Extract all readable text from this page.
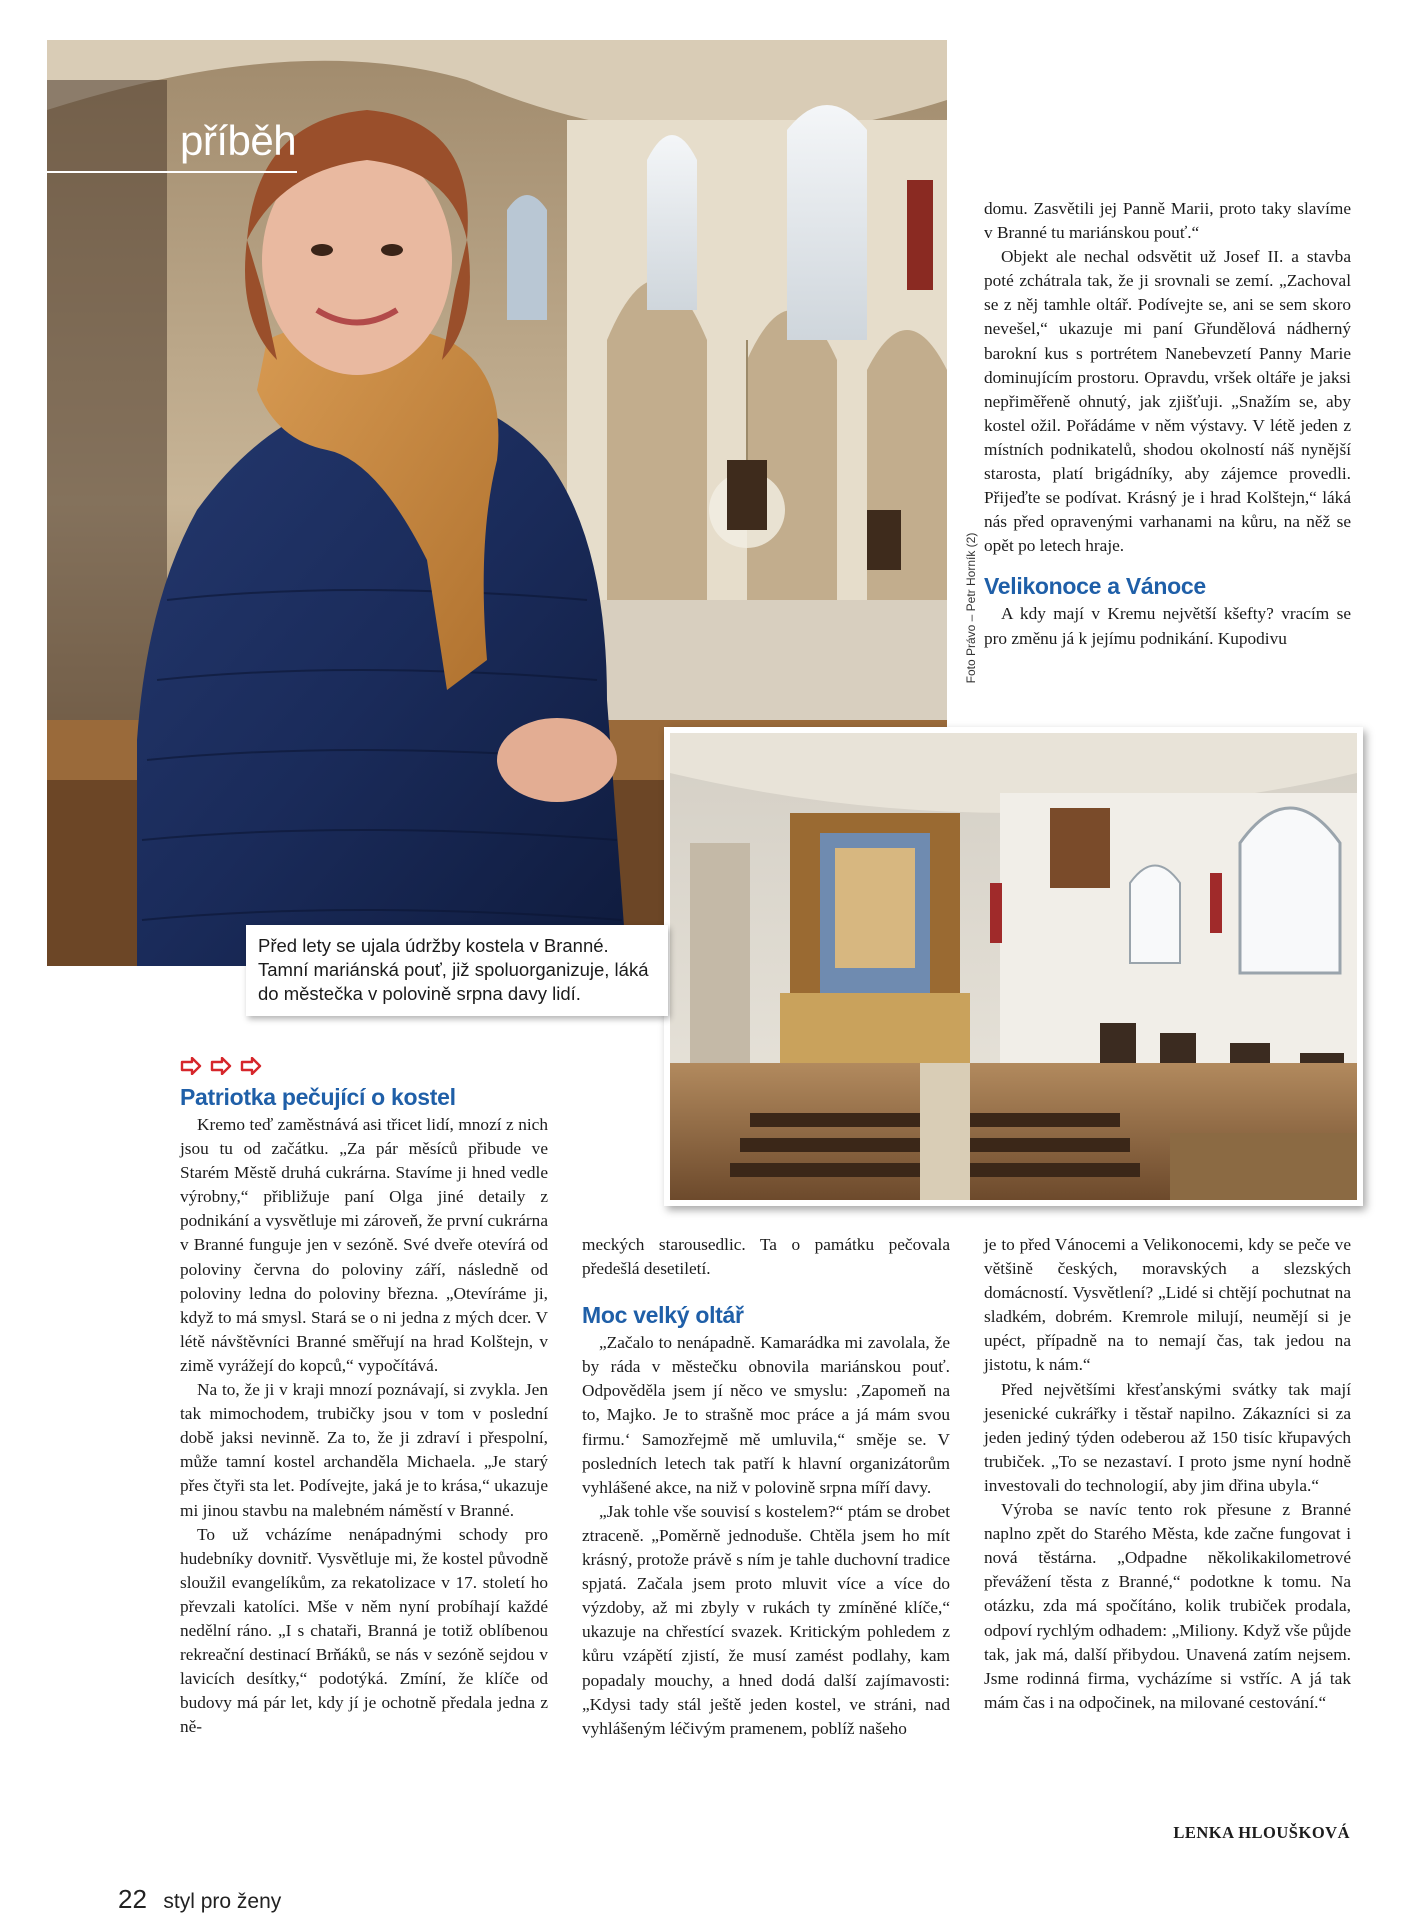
příběh
Foto Právo – Petr Horník (2)
Před lety se ujala údržby kostela v Branné. Tamní mariánská pouť, již spoluorganizuje, láká do městečka v polovině srpna davy lidí.
Patriotka pečující o kostel

Kremo teď zaměstnává asi třicet lidí, mnozí z nich jsou tu od začátku. „Za pár měsíců přibude ve Starém Městě druhá cukrárna. Stavíme ji hned vedle výrobny,“ přibližuje paní Olga jiné detaily z podnikání a vysvětluje mi zároveň, že první cukrárna v Branné funguje jen v sezóně. Své dveře otevírá od poloviny června do poloviny září, následně od poloviny ledna do poloviny března. „Otevíráme ji, když to má smysl. Stará se o ni jedna z mých dcer. V létě návštěvníci Branné směřují na hrad Kolštejn, v zimě vyrážejí do kopců,“ vypočítává.

Na to, že ji v kraji mnozí poznávají, si zvykla. Jen tak mimochodem, trubičky jsou v tom v poslední době jaksi nevinně. Za to, že ji zdraví i přespolní, může tamní kostel archanděla Michaela. „Je starý přes čtyři sta let. Podívejte, jaká je to krása,“ ukazuje mi jinou stavbu na malebném náměstí v Branné.

To už vcházíme nenápadnými schody pro hudebníky dovnitř. Vysvětluje mi, že kostel původně sloužil evangelíkům, za rekatolizace v 17. století ho převzali katolíci. Mše v něm nyní probíhají každé nedělní ráno. „I s chataři, Branná je totiž oblíbenou rekreační destinací Brňáků, se nás v sezóně sejdou v lavicích desítky,“ podotýká. Zmíní, že klíče od budovy má pár let, kdy jí je ochotně předala jedna z ně-

meckých starousedlic. Ta o památku pečovala předešlá desetiletí.

Moc velký oltář

„Začalo to nenápadně. Kamarádka mi zavolala, že by ráda v městečku obnovila mariánskou pouť. Odpověděla jsem jí něco ve smyslu: ‚Zapomeň na to, Majko. Je to strašně moc práce a já mám svou firmu.‘ Samozřejmě mě umluvila,“ směje se. V posledních letech tak patří k hlavní organizátorům vyhlášené akce, na niž v polovině srpna míří davy.

„Jak tohle vše souvisí s kostelem?“ ptám se drobet ztraceně. „Poměrně jednoduše. Chtěla jsem ho mít krásný, protože právě s ním je tahle duchovní tradice spjatá. Začala jsem proto mluvit více a více do výzdoby, až mi zbyly v rukách ty zmíněné klíče,“ ukazuje na chřestící svazek. Kritickým pohledem z kůru vzápětí zjistí, že musí zamést podlahy, kam popadaly mouchy, a hned dodá další zajímavosti: „Kdysi tady stál ještě jeden kostel, ve stráni, nad vyhlášeným léčivým pramenem, poblíž našeho

domu. Zasvětili jej Panně Marii, proto taky slavíme v Branné tu mariánskou pouť.“

Objekt ale nechal odsvětit už Josef II. a stavba poté zchátrala tak, že ji srovnali se zemí. „Zachoval se z něj tamhle oltář. Podívejte se, ani se sem skoro nevešel,“ ukazuje mi paní Gřundělová nádherný barokní kus s portrétem Nanebevzetí Panny Marie dominujícím prostoru. Opravdu, vršek oltáře je jaksi nepřiměřeně ohnutý, jak zjišťuji. „Snažím se, aby kostel ožil. Pořádáme v něm výstavy. V létě jeden z místních podnikatelů, shodou okolností náš nynější starosta, platí brigádníky, aby zájemce provedli. Přijeďte se podívat. Krásný je i hrad Kolštejn,“ láká nás před opravenými varhanami na kůru, na něž se opět po letech hraje.

Velikonoce a Vánoce

A kdy mají v Kremu největší kšefty? vracím se pro změnu já k jejímu podnikání. Kupodivu

je to před Vánocemi a Velikonocemi, kdy se peče ve většině českých, moravských a slezských domácností. Vysvětlení? „Lidé si chtějí pochutnat na sladkém, dobrém. Kremrole milují, neumějí si je upéct, případně na to nemají čas, tak jedou na jistotu, k nám.“

Před největšími křesťanskými svátky tak mají jesenické cukrářky i těstař napilno. Zákazníci si za jeden jediný týden odeberou až 150 tisíc křupavých trubiček. „To se nezastaví. I proto jsme nyní hodně investovali do technologií, aby jim dřina ubyla.“

Výroba se navíc tento rok přesune z Branné naplno zpět do Starého Města, kde začne fungovat i nová těstárna. „Odpadne několikakilometrové převážení těsta z Branné,“ podotkne k tomu. Na otázku, zda má spočítáno, kolik trubiček prodala, odpoví rychlým odhadem: „Miliony. Když vše půjde tak, jak má, další přibydou. Unavená zatím nejsem. Jsme rodinná firma, vycházíme si vstříc. A já tak mám čas i na odpočinek, na milované cestování.“

LENKA HLOUŠKOVÁ
22 styl pro ženy
